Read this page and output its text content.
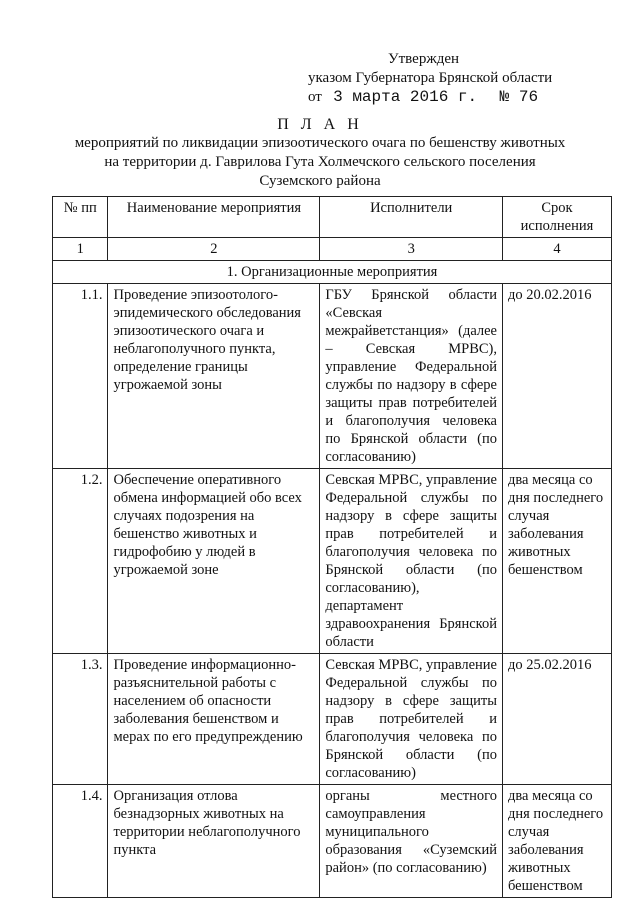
Утвержден
указом Губернатора Брянской области
от 3 марта 2016 г. № 76
П Л А Н
мероприятий по ликвидации эпизоотического очага по бешенству животных
на территории д. Гаврилова Гута Холмечского сельского поселения
Суземского района
№ пп	Наименование мероприятия	Исполнители	Срок исполнения
1	2	3	4
1. Организационные мероприятия			
1.1.	Проведение эпизоотолого-эпидемического обследования эпизоотического очага и неблагополучного пункта, определение границы угрожаемой зоны	ГБУ Брянской области «Севская межрайветстанция» (далее – Севская МРВС), управление Федеральной службы по надзору в сфере защиты прав потребителей и благополучия человека по Брянской области (по согласованию)	до 20.02.2016
1.2.	Обеспечение оперативного обмена информацией обо всех случаях подозрения на бешенство животных и гидрофобию у людей в угрожаемой зоне	Севская МРВС, управление Федеральной службы по надзору в сфере защиты прав потребителей и благополучия человека по Брянской области (по согласованию), департамент здравоохранения Брянской области	два месяца со дня последнего случая заболевания животных бешенством
1.3.	Проведение информационно-разъяснительной работы с населением об опасности заболевания бешенством и мерах по его предупреждению	Севская МРВС, управление Федеральной службы по надзору в сфере защиты прав потребителей и благополучия человека по Брянской области (по согласованию)	до 25.02.2016
1.4.	Организация отлова безнадзорных животных на территории неблагополучного пункта	органы местного самоуправления муниципального образования «Суземский район» (по согласованию)	два месяца со дня последнего случая заболевания животных бешенством
